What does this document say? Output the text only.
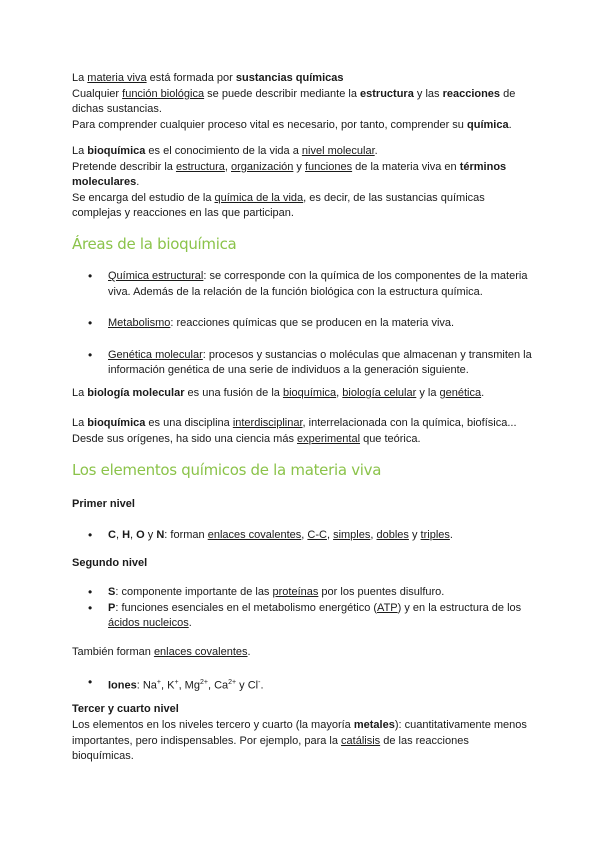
La materia viva está formada por sustancias químicas
Cualquier función biológica se puede describir mediante la estructura y las reacciones de dichas sustancias.
Para comprender cualquier proceso vital es necesario, por tanto, comprender su química.
La bioquímica es el conocimiento de la vida a nivel molecular.
Pretende describir la estructura, organización y funciones de la materia viva en términos moleculares.
Se encarga del estudio de la química de la vida, es decir, de las sustancias químicas complejas y reacciones en las que participan.
Áreas de la bioquímica
• Química estructural: se corresponde con la química de los componentes de la materia viva. Además de la relación de la función biológica con la estructura química.
• Metabolismo: reacciones químicas que se producen en la materia viva.
• Genética molecular: procesos y sustancias o moléculas que almacenan y transmiten la información genética de una serie de individuos a la generación siguiente.
La biología molecular es una fusión de la bioquímica, biología celular y la genética.
La bioquímica es una disciplina interdisciplinar, interrelacionada con la química, biofísica... Desde sus orígenes, ha sido una ciencia más experimental que teórica.
Los elementos químicos de la materia viva
Primer nivel
• C, H, O y N: forman enlaces covalentes, C-C, simples, dobles y triples.
Segundo nivel
• S: componente importante de las proteínas por los puentes disulfuro.
• P: funciones esenciales en el metabolismo energético (ATP) y en la estructura de los ácidos nucleicos.
También forman enlaces covalentes.
• Iones: Na+, K+, $Mg^{2+}$, $Ca^{2+}$ y Cl-.
Tercer y cuarto nivel
Los elementos en los niveles tercero y cuarto (la mayoría metales): cuantitativamente menos importantes, pero indispensables. Por ejemplo, para la catálisis de las reacciones bioquímicas.
